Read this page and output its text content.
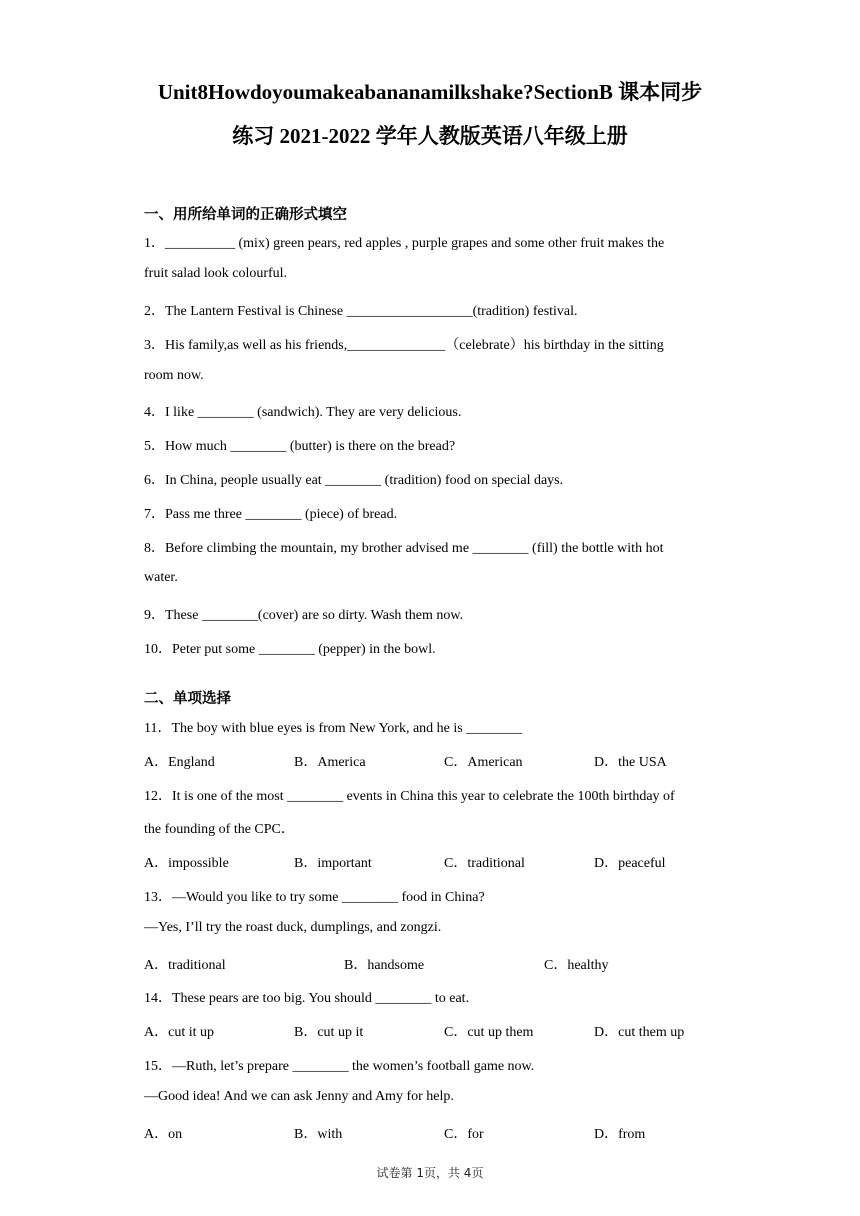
Unit8Howdoyoumakeabananamilkshake?SectionB 课本同步
练习 2021-2022 学年人教版英语八年级上册
一、用所给单词的正确形式填空
1．__________ (mix) green pears, red apples , purple grapes and some other fruit makes the
fruit salad look colourful.
2．The Lantern Festival is Chinese __________________(tradition) festival.
3．His family,as well as his friends,______________（celebrate）his birthday in the sitting
room now.
4．I like ________ (sandwich). They are very delicious.
5．How much ________ (butter) is there on the bread?
6．In China, people usually eat ________ (tradition) food on special days.
7．Pass me three ________ (piece) of bread.
8．Before climbing the mountain, my brother advised me ________ (fill) the bottle with hot
water.
9．These ________(cover) are so dirty. Wash them now.
10．Peter put some ________ (pepper) in the bowl.
二、单项选择
11．The boy with blue eyes is from New York, and he is ________
A．England	B．America	C．American	D．the USA
12．It is one of the most ________ events in China this year to celebrate the 100th birthday of
the founding of the CPC．
A．impossible	B．important	C．traditional	D．peaceful
13．―Would you like to try some ________ food in China?
―Yes, I’ll try the roast duck, dumplings, and zongzi.
A．traditional	B．handsome	C．healthy
14．These pears are too big. You should ________ to eat.
A．cut it up	B．cut up it	C．cut up them	D．cut them up
15．—Ruth, let’s prepare ________ the women’s football game now.
—Good idea! And we can ask Jenny and Amy for help.
A．on	B．with	C．for	D．from
试卷第 1页，共 4页
